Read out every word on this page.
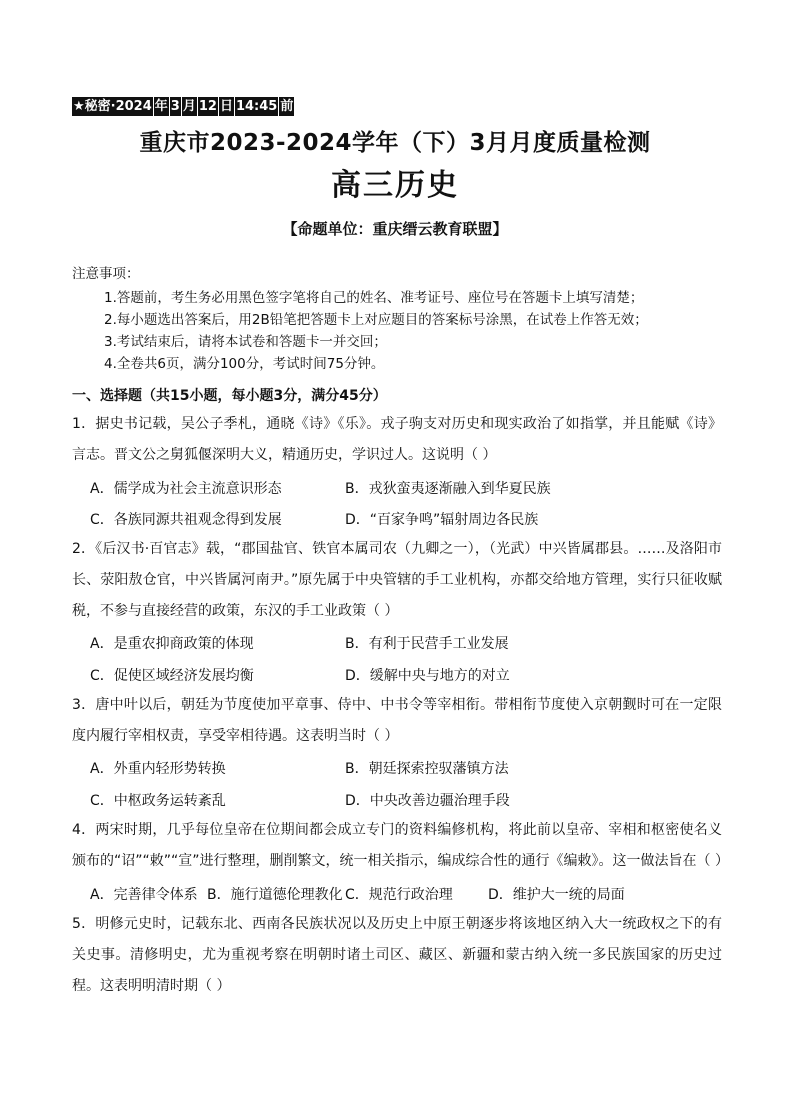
★秘密·2024 年 3 月 12 日 14:45 前
重庆市2023-2024学年（下）3月月度质量检测
高三历史
【命题单位：重庆缙云教育联盟】
注意事项：
1.答题前，考生务必用黑色签字笔将自己的姓名、准考证号、座位号在答题卡上填写清楚；
2.每小题选出答案后，用2B铅笔把答题卡上对应题目的答案标号涂黑，在试卷上作答无效；
3.考试结束后，请将本试卷和答题卡一并交回；
4.全卷共6页，满分100分，考试时间75分钟。
一、选择题（共15小题，每小题3分，满分45分）
1．据史书记载，吴公子季札，通晓《诗》《乐》。戎子驹支对历史和现实政治了如指掌，并且能赋《诗》言志。晋文公之舅狐偃深明大义，精通历史，学识过人。这说明（ ）
A．儒学成为社会主流意识形态	B．戎狄蛮夷逐渐融入到华夏民族
C．各族同源共祖观念得到发展	D．“百家争鸣”辐射周边各民族
2．《后汉书·百官志》载，“郡国盐官、铁官本属司农（九卿之一），（光武）中兴皆属郡县。……及洛阳市长、荥阳敖仓官，中兴皆属河南尹。”原先属于中央管辖的手工业机构，亦都交给地方管理，实行只征收赋税，不参与直接经营的政策，东汉的手工业政策（ ）
A．是重农抑商政策的体现	B．有利于民营手工业发展
C．促使区域经济发展均衡	D．缓解中央与地方的对立
3．唐中叶以后，朝廷为节度使加平章事、侍中、中书令等宰相衔。带相衔节度使入京朝觐时可在一定限度内履行宰相权责，享受宰相待遇。这表明当时（ ）
A．外重内轻形势转换	B．朝廷探索控驭藩镇方法
C．中枢政务运转紊乱	D．中央改善边疆治理手段
4．两宋时期，几乎每位皇帝在位期间都会成立专门的资料编修机构，将此前以皇帝、宰相和枢密使名义颁布的“诏”“敕”“宣”进行整理，删削繁文，统一相关指示，编成综合性的通行《编敕》。这一做法旨在（ ）
A．完善律令体系 B．施行道德伦理教化 C．规范行政治理	D．维护大一统的局面
5．明修元史时，记载东北、西南各民族状况以及历史上中原王朝逐步将该地区纳入大一统政权之下的有关史事。清修明史，尤为重视考察在明朝时诸土司区、藏区、新疆和蒙古纳入统一多民族国家的历史过程。这表明明清时期（ ）
